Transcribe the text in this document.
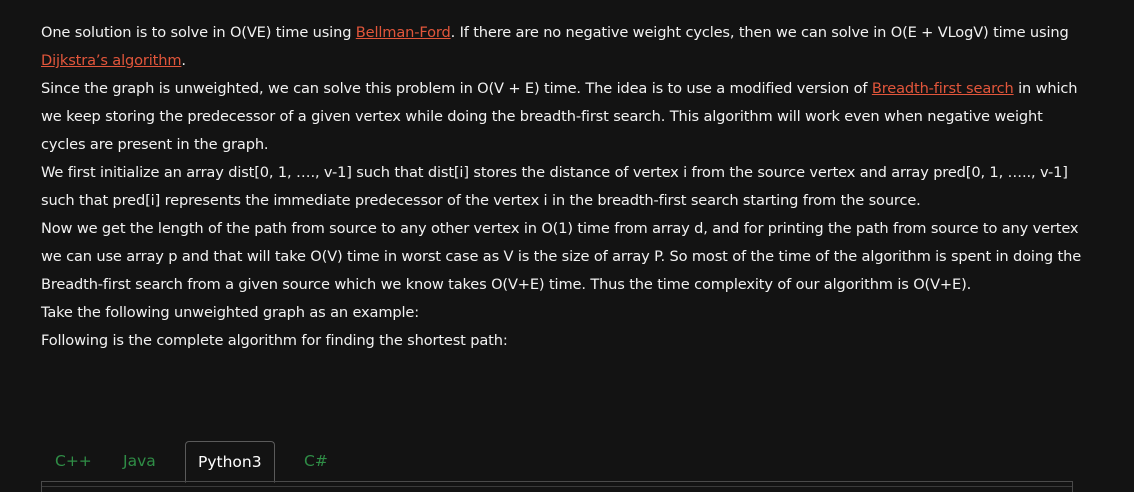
One solution is to solve in O(VE) time using Bellman-Ford. If there are no negative weight cycles, then we can solve in O(E + VLogV) time using Dijkstra’s algorithm.

Since the graph is unweighted, we can solve this problem in O(V + E) time. The idea is to use a modified version of Breadth-first search in which we keep storing the predecessor of a given vertex while doing the breadth-first search. This algorithm will work even when negative weight cycles are present in the graph.

We first initialize an array dist[0, 1, …., v-1] such that dist[i] stores the distance of vertex i from the source vertex and array pred[0, 1, ….., v-1] such that pred[i] represents the immediate predecessor of the vertex i in the breadth-first search starting from the source.

Now we get the length of the path from source to any other vertex in O(1) time from array d, and for printing the path from source to any vertex we can use array p and that will take O(V) time in worst case as V is the size of array P. So most of the time of the algorithm is spent in doing the Breadth-first search from a given source which we know takes O(V+E) time. Thus the time complexity of our algorithm is O(V+E).

Take the following unweighted graph as an example:

Following is the complete algorithm for finding the shortest path:

C++ Java	Python3	C#
